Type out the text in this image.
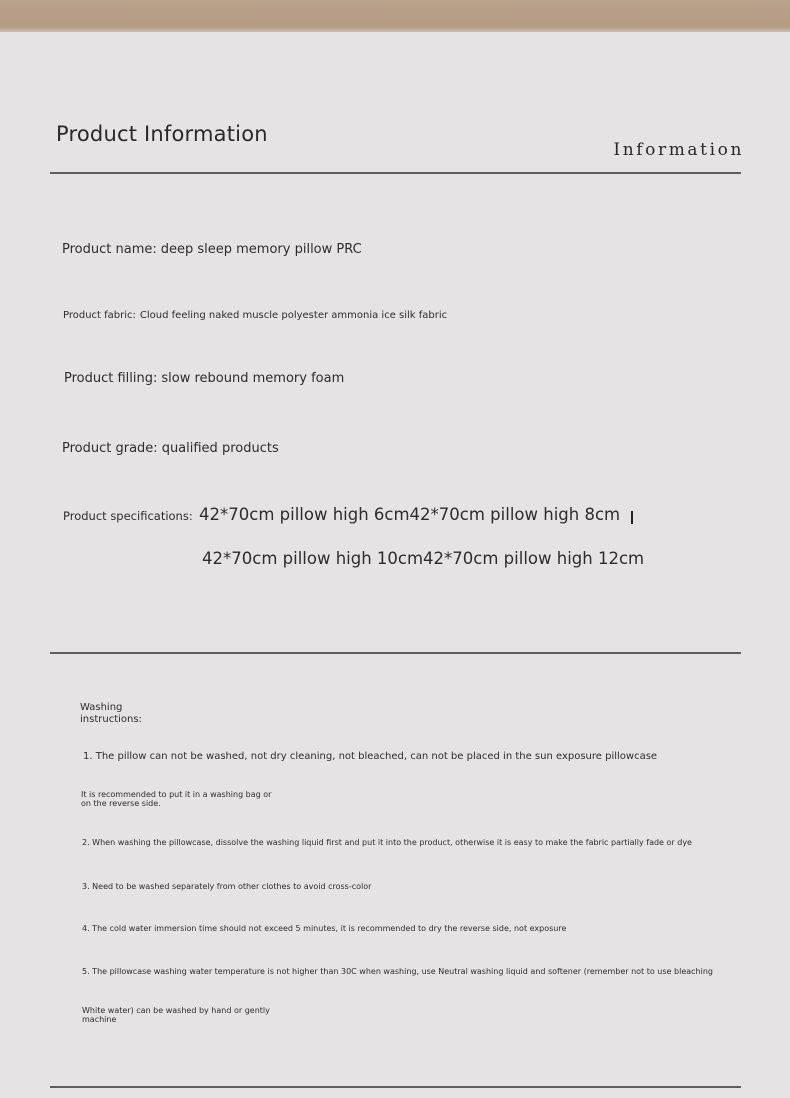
Product Information
Information
Product name: deep sleep memory pillow PRC
Product fabric: Cloud feeling naked muscle polyester ammonia ice silk fabric
Product filling: slow rebound memory foam
Product grade: qualified products
Product specifications: 42*70cm pillow high 6cm42*70cm pillow high 8cm
42*70cm pillow high 10cm42*70cm pillow high 12cm
Washing instructions:
1. The pillow can not be washed, not dry cleaning, not bleached, can not be placed in the sun exposure pillowcase
It is recommended to put it in a washing bag or on the reverse side.
2. When washing the pillowcase, dissolve the washing liquid first and put it into the product, otherwise it is easy to make the fabric partially fade or dye
3. Need to be washed separately from other clothes to avoid cross-color
4. The cold water immersion time should not exceed 5 minutes, it is recommended to dry the reverse side, not exposure
5. The pillowcase washing water temperature is not higher than 30C when washing, use Neutral washing liquid and softener (remember not to use bleaching
White water) can be washed by hand or gently machine
